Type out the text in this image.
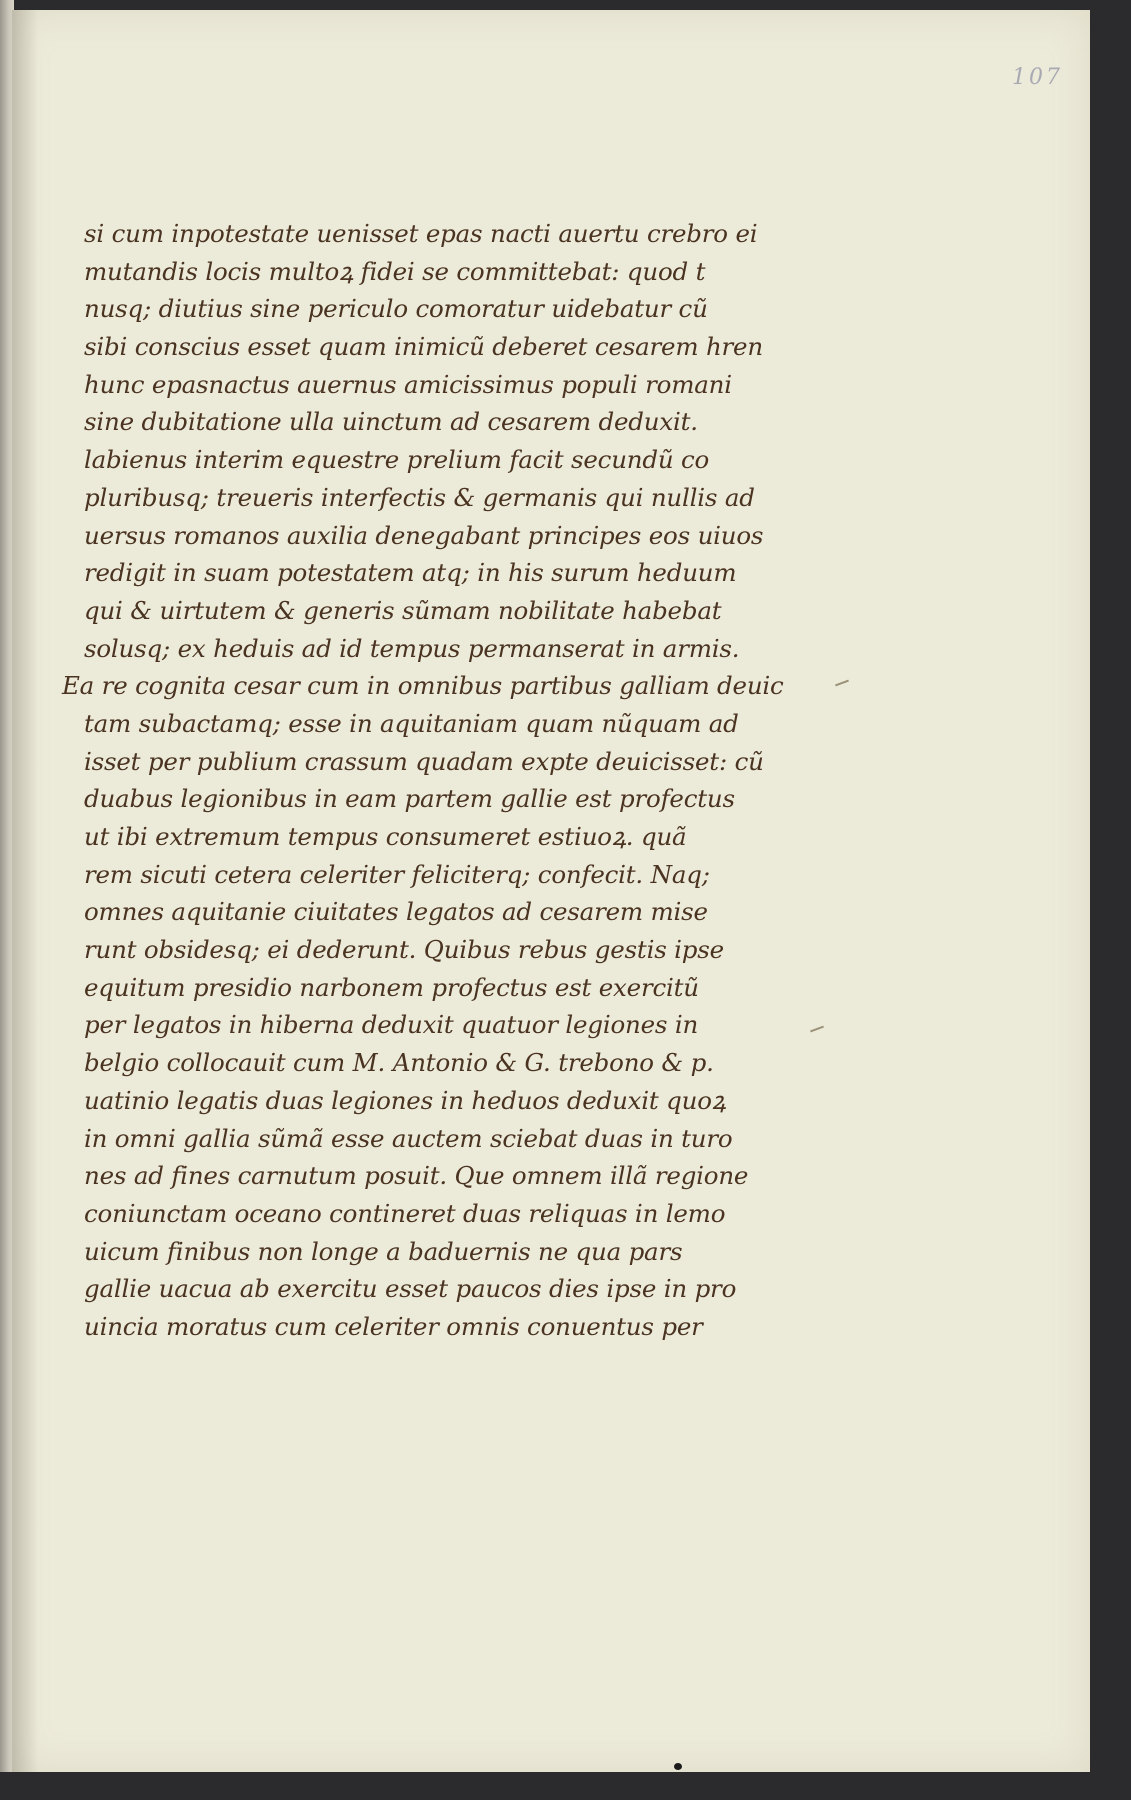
107
si cum inpotestate uenisset epas nacti auertu crebro ei
mutandis locis multoꝝ fidei se committebat: quod t
nusq; diutius sine periculo comoratur uidebatur cũ
sibi conscius esset quam inimicũ deberet cesarem hren
hunc epasnactus auernus amicissimus populi romani
sine dubitatione ulla uinctum ad cesarem deduxit.
labienus interim equestre prelium facit secundũ co
pluribusq; treueris interfectis & germanis qui nullis ad
uersus romanos auxilia denegabant principes eos uiuos
redigit in suam potestatem atq; in his surum heduum
qui & uirtutem & generis sũmam nobilitate habebat
solusq; ex heduis ad id tempus permanserat in armis.
Ea re cognita cesar cum in omnibus partibus galliam deuic
tam subactamq; esse in aquitaniam quam nũquam ad
isset per publium crassum quadam expte deuicisset: cũ
duabus legionibus in eam partem gallie est profectus
ut ibi extremum tempus consumeret estiuoꝝ. quã
rem sicuti cetera celeriter feliciterq; confecit. Naq;
omnes aquitanie ciuitates legatos ad cesarem mise
runt obsidesq; ei dederunt. Quibus rebus gestis ipse
equitum presidio narbonem profectus est exercitũ
per legatos in hiberna deduxit quatuor legiones in
belgio collocauit cum M. Antonio & G. trebono & p.
uatinio legatis duas legiones in heduos deduxit quoꝝ
in omni gallia sũmã esse auctem sciebat duas in turo
nes ad fines carnutum posuit. Que omnem illã regione
coniunctam oceano contineret duas reliquas in lemo
uicum finibus non longe a baduernis ne qua pars
gallie uacua ab exercitu esset paucos dies ipse in pro
uincia moratus cum celeriter omnis conuentus per
